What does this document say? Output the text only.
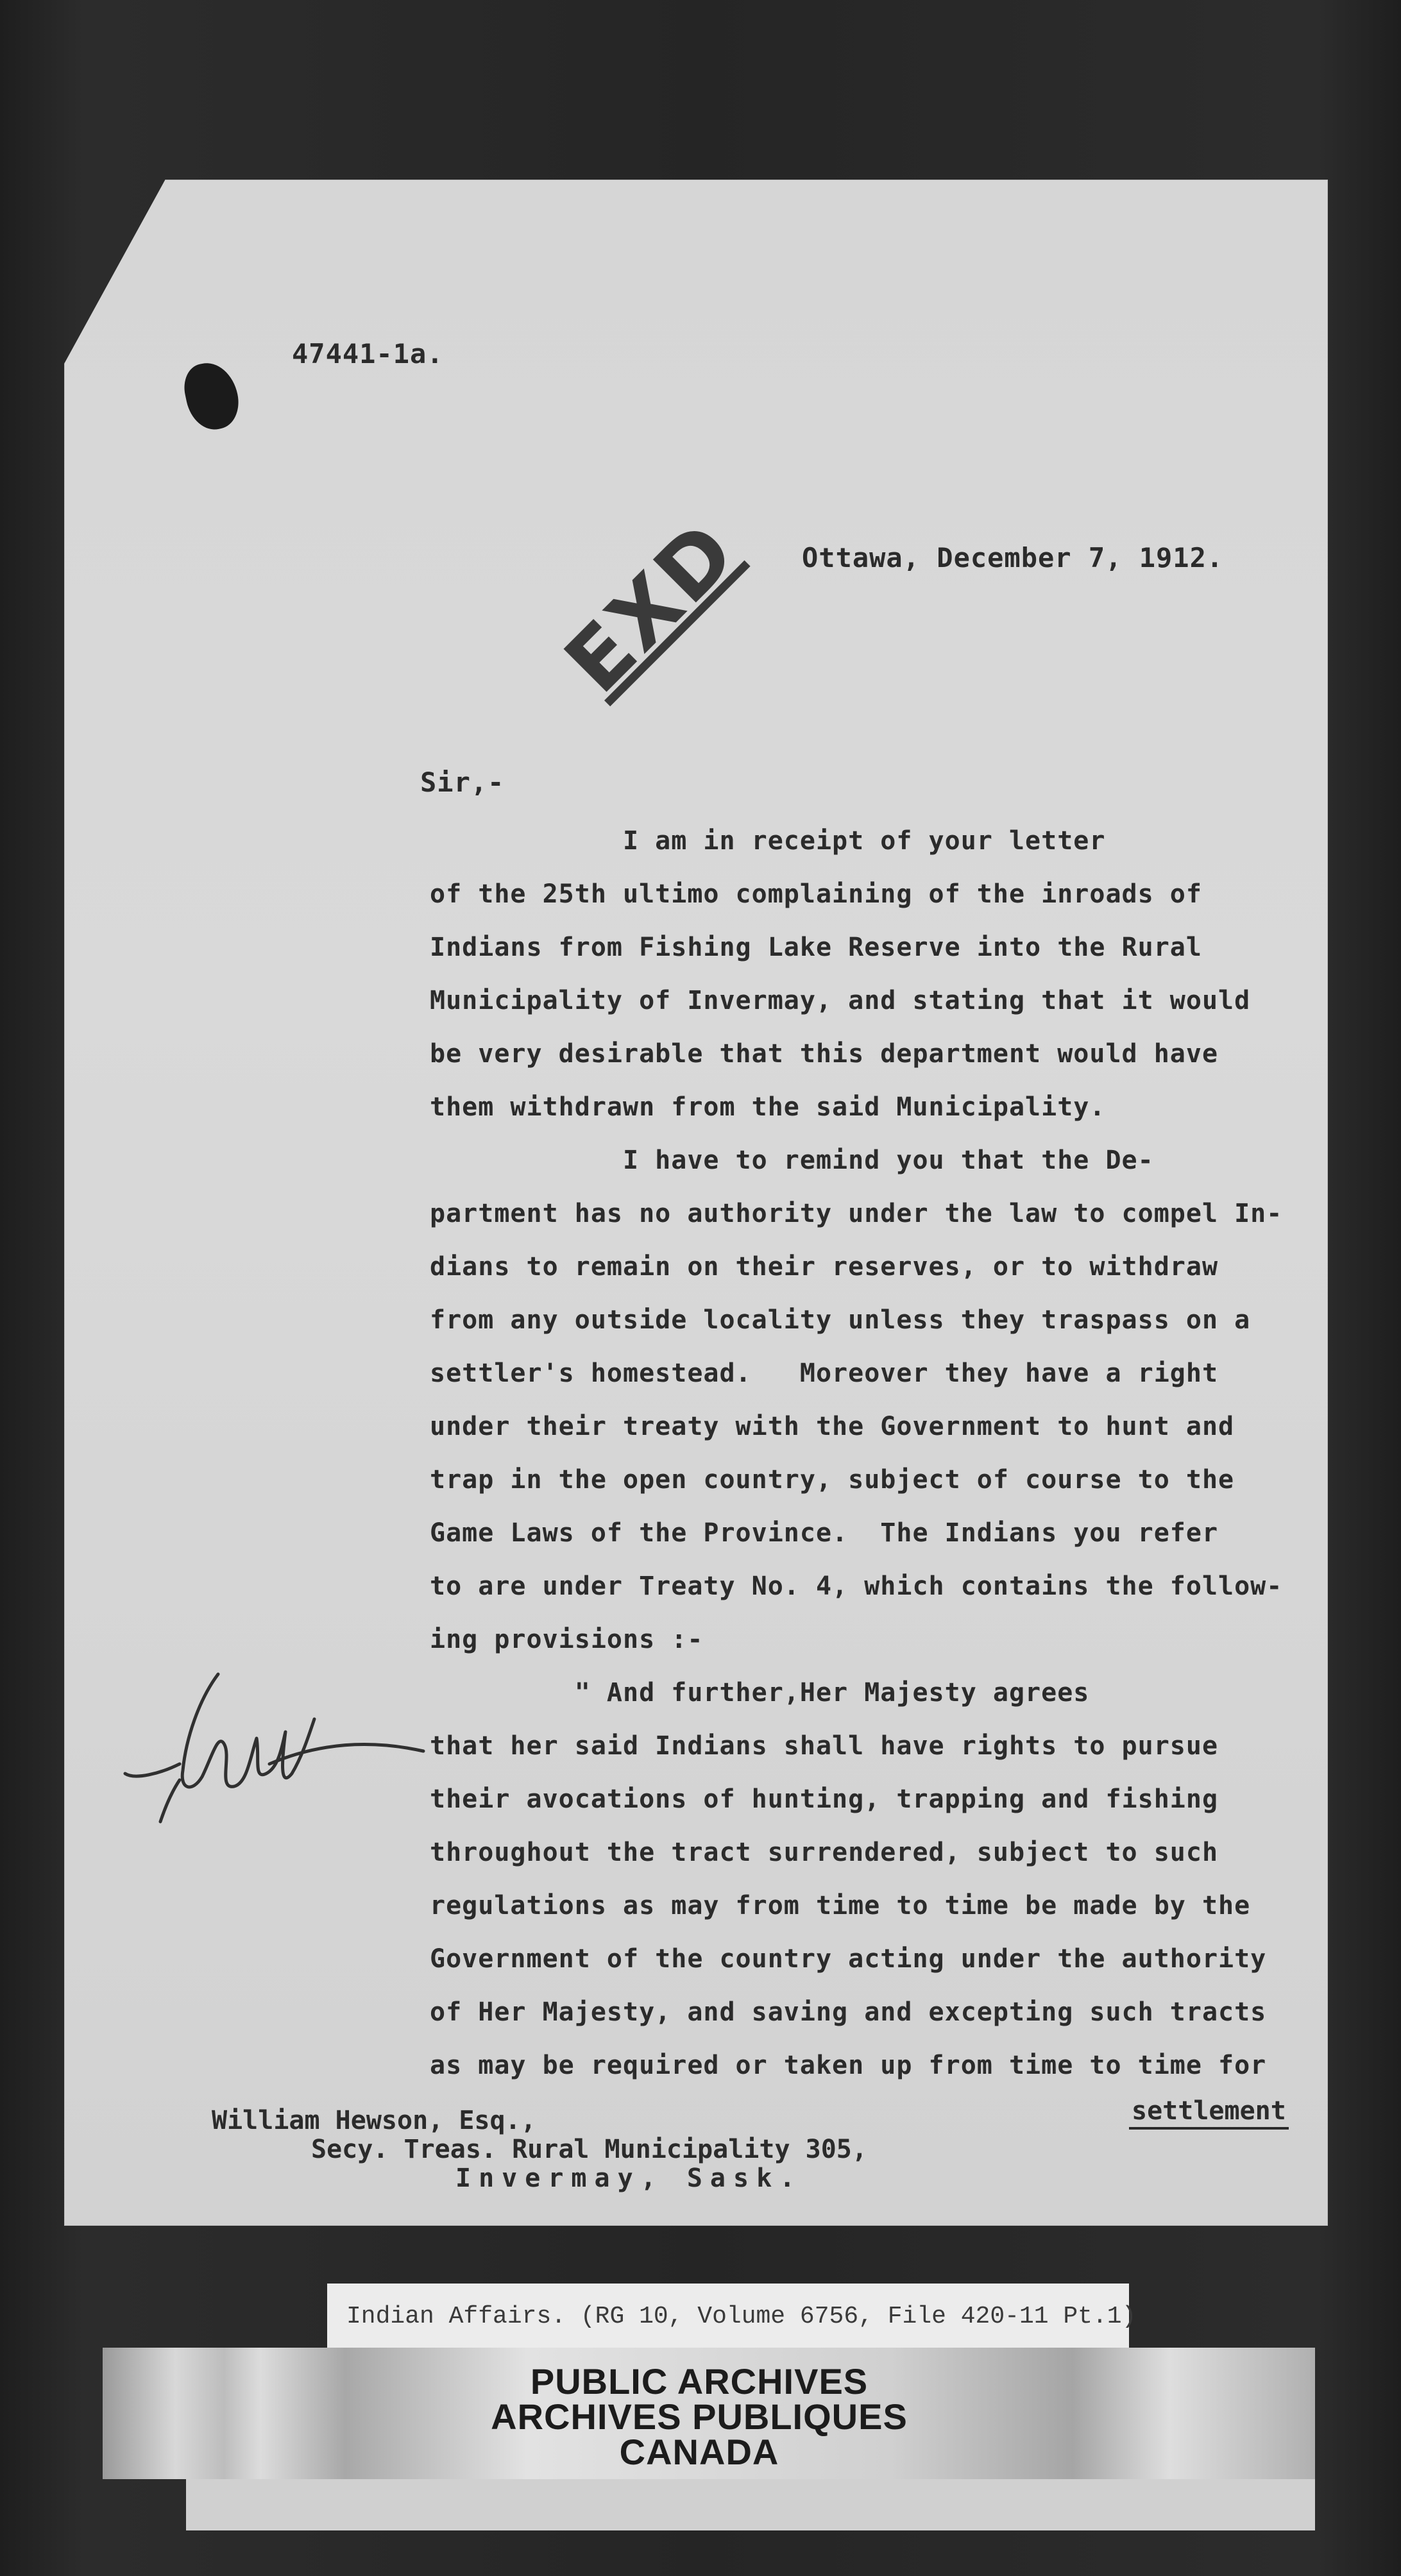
47441-1a.
EXD Ottawa, December 7, 1912.
Sir,-
I am in receipt of your letter
of the 25th ultimo complaining of the inroads of
Indians from Fishing Lake Reserve into the Rural
Municipality of Invermay, and stating that it would
be very desirable that this department would have
them withdrawn from the said Municipality.
I have to remind you that the De-
partment has no authority under the law to compel In-
dians to remain on their reserves, or to withdraw
from any outside locality unless they traspass on a
settler's homestead.   Moreover they have a right
under their treaty with the Government to hunt and
trap in the open country, subject of course to the
Game Laws of the Province.  The Indians you refer
to are under Treaty No. 4, which contains the follow-
ing provisions :-
" And further,Her Majesty agrees
that her said Indians shall have rights to pursue
their avocations of hunting, trapping and fishing
throughout the tract surrendered, subject to such
regulations as may from time to time be made by the
Government of the country acting under the authority
of Her Majesty, and saving and excepting such tracts
as may be required or taken up from time to time for
settlement
William Hewson, Esq.,
Secy. Treas. Rural Municipality 305,
Invermay, Sask.
Indian Affairs. (RG 10, Volume 6756, File 420-11 Pt.1)
PUBLIC ARCHIVES
ARCHIVES PUBLIQUES
CANADA
